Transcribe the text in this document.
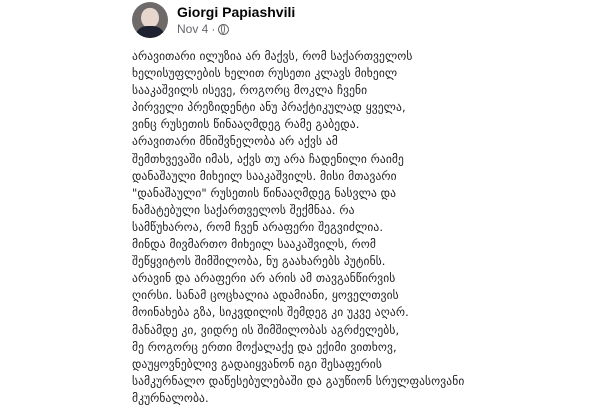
Giorgi Papiashvili
Nov 4 ·
არავითარი ილუზია არ მაქვს, რომ საქართველოს
ხელისუფლების ხელით რუსეთი კლავს მიხეილ
სააკაშვილს ისევე, როგორც მოკლა ჩვენი
პირველი პრეზიდენტი ანუ პრაქტიკულად ყველა,
ვინც რუსეთის წინააღმდეგ რამე გაბედა.
არავითარი მნიშვნელობა არ აქვს ამ
შემთხვევაში იმას, აქვს თუ არა ჩადენილი რაიმე
დანაშაული მიხეილ სააკაშვილს. მისი მთავარი
"დანაშაული" რუსეთის წინააღმდეგ ნასვლა და
ნამატებული საქართველოს შექმნაა. რა
სამწუხაროა, რომ ჩვენ არაფერი შეგვიძლია.
მინდა მივმართო მიხეილ სააკაშვილს, რომ
შეწყვიტოს შიმშილობა, ნუ გაახარებს პუტინს.
არავინ და არაფერი არ არის ამ თავგანწირვის
ღირსი. სანამ ცოცხალია ადამიანი, ყოველთვის
მოინახება გზა, სიკვდილის შემდეგ კი უკვე აღარ.
მანამდე კი, ვიდრე ის შიმშილობას აგრძელებს,
მე როგორც ერთი მოქალაქე და ექიმი ვითხოვ,
დაუყოვნებლივ გადაიყვანონ იგი შესაფერის
სამკურნალო დაწესებულებაში და გაუწიონ სრულფასოვანი
მკურნალობა.
